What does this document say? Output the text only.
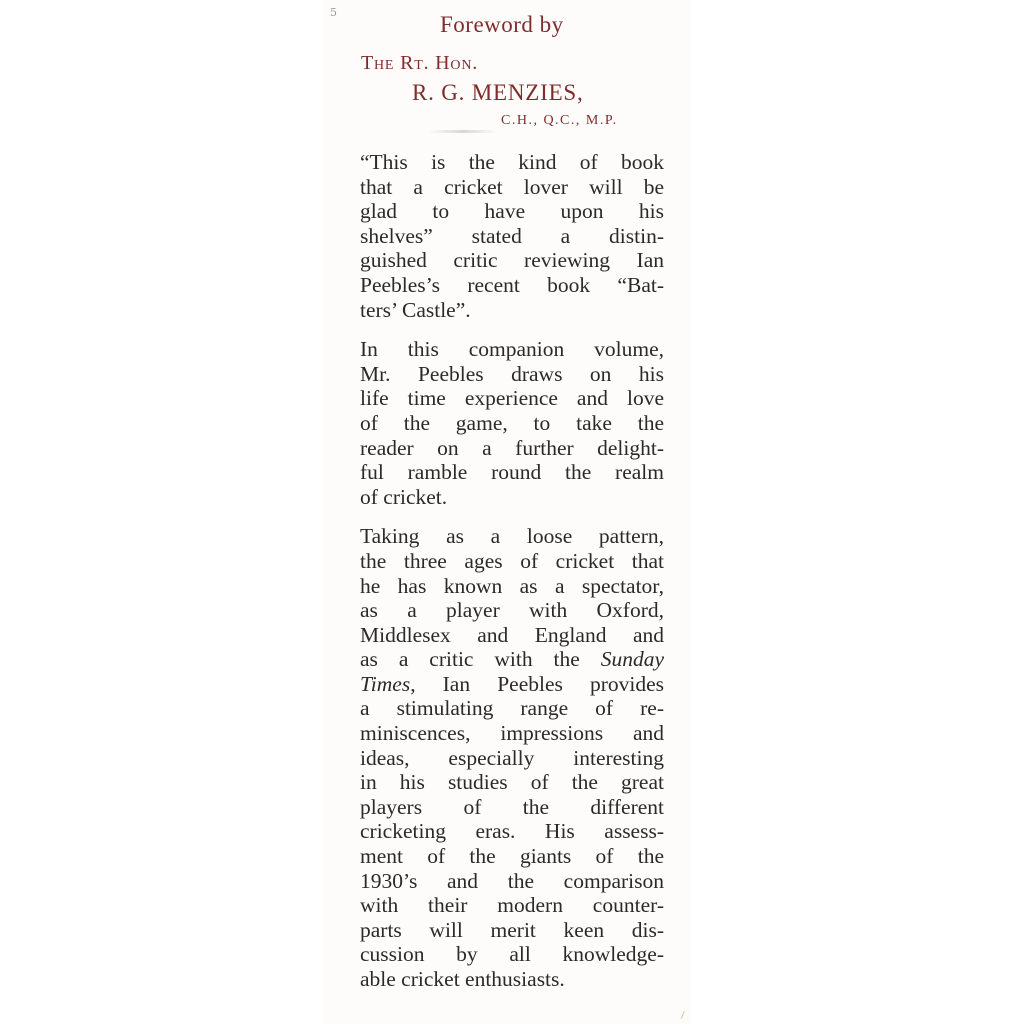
5	Foreword by
The Rt. Hon.
R. G. MENZIES,
C.H., Q.C., M.P.
“This is the kind of book
that a cricket lover will be
glad to have upon his
shelves” stated a distin-
guished critic reviewing Ian
Peebles’s recent book “Bat-
ters’ Castle”.
In this companion volume,
Mr. Peebles draws on his
life time experience and love
of the game, to take the
reader on a further delight-
ful ramble round the realm
of cricket.
Taking as a loose pattern,
the three ages of cricket that
he has known as a spectator,
as a player with Oxford,
Middlesex and England and
as a critic with the Sunday
Times, Ian Peebles provides
a stimulating range of re-
miniscences, impressions and
ideas, especially interesting
in his studies of the great
players of the different
cricketing eras. His assess-
ment of the giants of the
1930’s and the comparison
with their modern counter-
parts will merit keen dis-
cussion by all knowledge-
able cricket enthusiasts.
